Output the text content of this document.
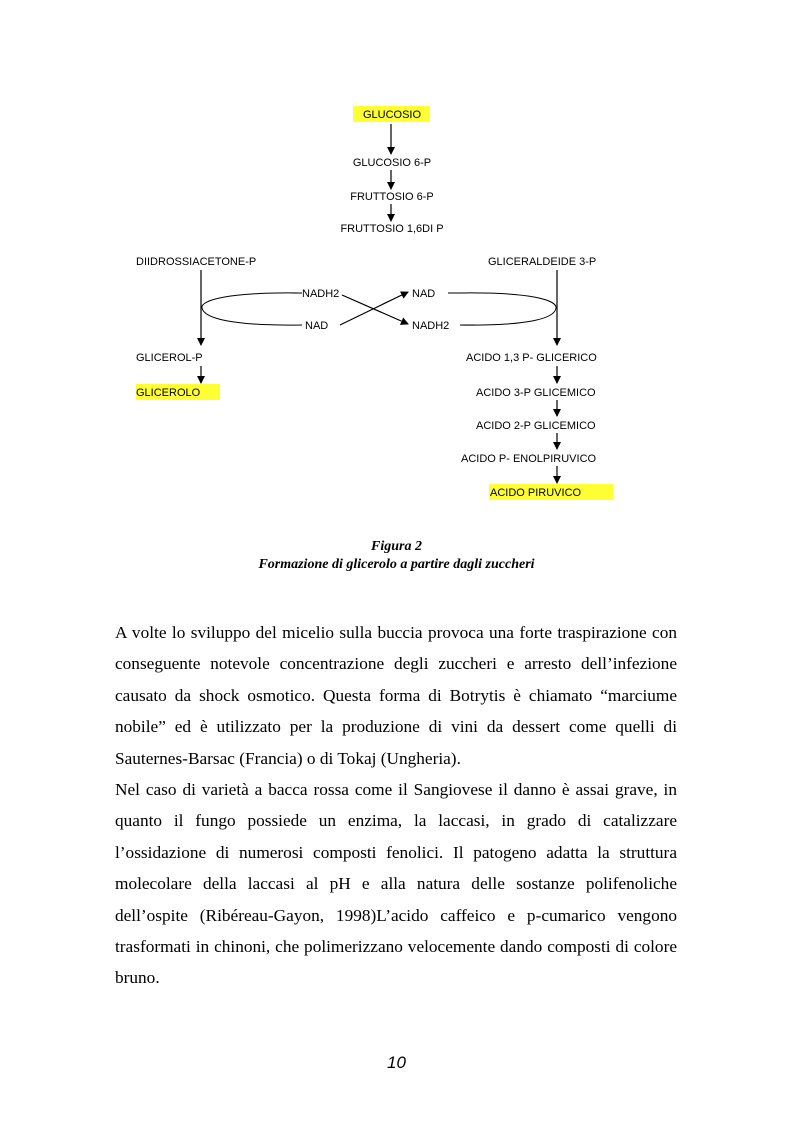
GLUCOSIO
GLUCOSIO 6-P
FRUTTOSIO 6-P
FRUTTOSIO 1,6DI P
DIIDROSSIACETONE-P	GLICERALDEIDE 3-P
NADH2
NAD
NAD
NADH2
GLICEROL-P
GLICEROLO
ACIDO 1,3 P- GLICERICO
ACIDO 3-P GLICEMICO
ACIDO 2-P GLICEMICO
ACIDO P- ENOLPIRUVICO
ACIDO PIRUVICO

Figura 2

Formazione di glicerolo a partire dagli zuccheri

A volte lo sviluppo del micelio sulla buccia provoca una forte traspirazione con conseguente notevole concentrazione degli zuccheri e arresto dell’infezione causato da shock osmotico. Questa forma di Botrytis è chiamato “marciume nobile” ed è utilizzato per la produzione di vini da dessert come quelli di Sauternes-Barsac (Francia) o di Tokaj (Ungheria).

Nel caso di varietà a bacca rossa come il Sangiovese il danno è assai grave, in quanto il fungo possiede un enzima, la laccasi, in grado di catalizzare l’ossidazione di numerosi composti fenolici. Il patogeno adatta la struttura molecolare della laccasi al pH e alla natura delle sostanze polifenoliche dell’ospite (Ribéreau-Gayon, 1998)L’acido caffeico e p-cumarico vengono trasformati in chinoni, che polimerizzano velocemente dando composti di colore bruno.

10
